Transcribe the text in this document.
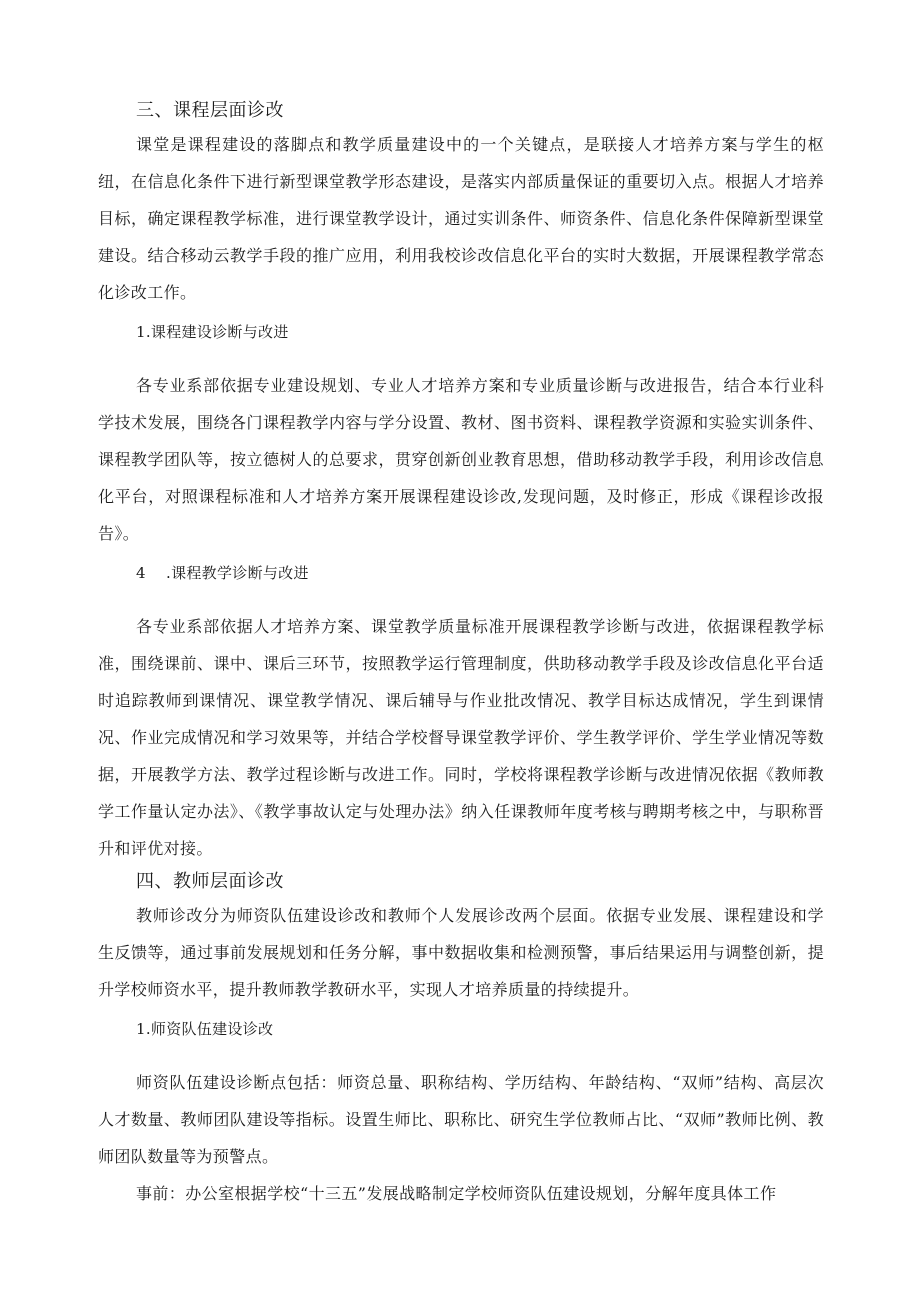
三、课程层面诊改

课堂是课程建设的落脚点和教学质量建设中的一个关键点，是联接人才培养方案与学生的枢纽，在信息化条件下进行新型课堂教学形态建设，是落实内部质量保证的重要切入点。根据人才培养目标，确定课程教学标准，进行课堂教学设计，通过实训条件、师资条件、信息化条件保障新型课堂建设。结合移动云教学手段的推广应用，利用我校诊改信息化平台的实时大数据，开展课程教学常态化诊改工作。

1.课程建设诊断与改进

各专业系部依据专业建设规划、专业人才培养方案和专业质量诊断与改进报告，结合本行业科学技术发展，围绕各门课程教学内容与学分设置、教材、图书资料、课程教学资源和实验实训条件、课程教学团队等，按立德树人的总要求，贯穿创新创业教育思想，借助移动教学手段，利用诊改信息化平台，对照课程标准和人才培养方案开展课程建设诊改,发现问题，及时修正，形成《课程诊改报告》。

4 .课程教学诊断与改进

各专业系部依据人才培养方案、课堂教学质量标准开展课程教学诊断与改进，依据课程教学标准，围绕课前、课中、课后三环节，按照教学运行管理制度，供助移动教学手段及诊改信息化平台适时追踪教师到课情况、课堂教学情况、课后辅导与作业批改情况、教学目标达成情况，学生到课情况、作业完成情况和学习效果等，并结合学校督导课堂教学评价、学生教学评价、学生学业情况等数据，开展教学方法、教学过程诊断与改进工作。同时，学校将课程教学诊断与改进情况依据《教师教学工作量认定办法》、《教学事故认定与处理办法》纳入任课教师年度考核与聘期考核之中，与职称晋升和评优对接。

四、教师层面诊改

教师诊改分为师资队伍建设诊改和教师个人发展诊改两个层面。依据专业发展、课程建设和学生反馈等，通过事前发展规划和任务分解，事中数据收集和检测预警，事后结果运用与调整创新，提升学校师资水平，提升教师教学教研水平，实现人才培养质量的持续提升。

1.师资队伍建设诊改

师资队伍建设诊断点包括：师资总量、职称结构、学历结构、年龄结构、“双师”结构、高层次人才数量、教师团队建设等指标。设置生师比、职称比、研究生学位教师占比、“双师”教师比例、教师团队数量等为预警点。

事前：办公室根据学校“十三五”发展战略制定学校师资队伍建设规划，分解年度具体工作
